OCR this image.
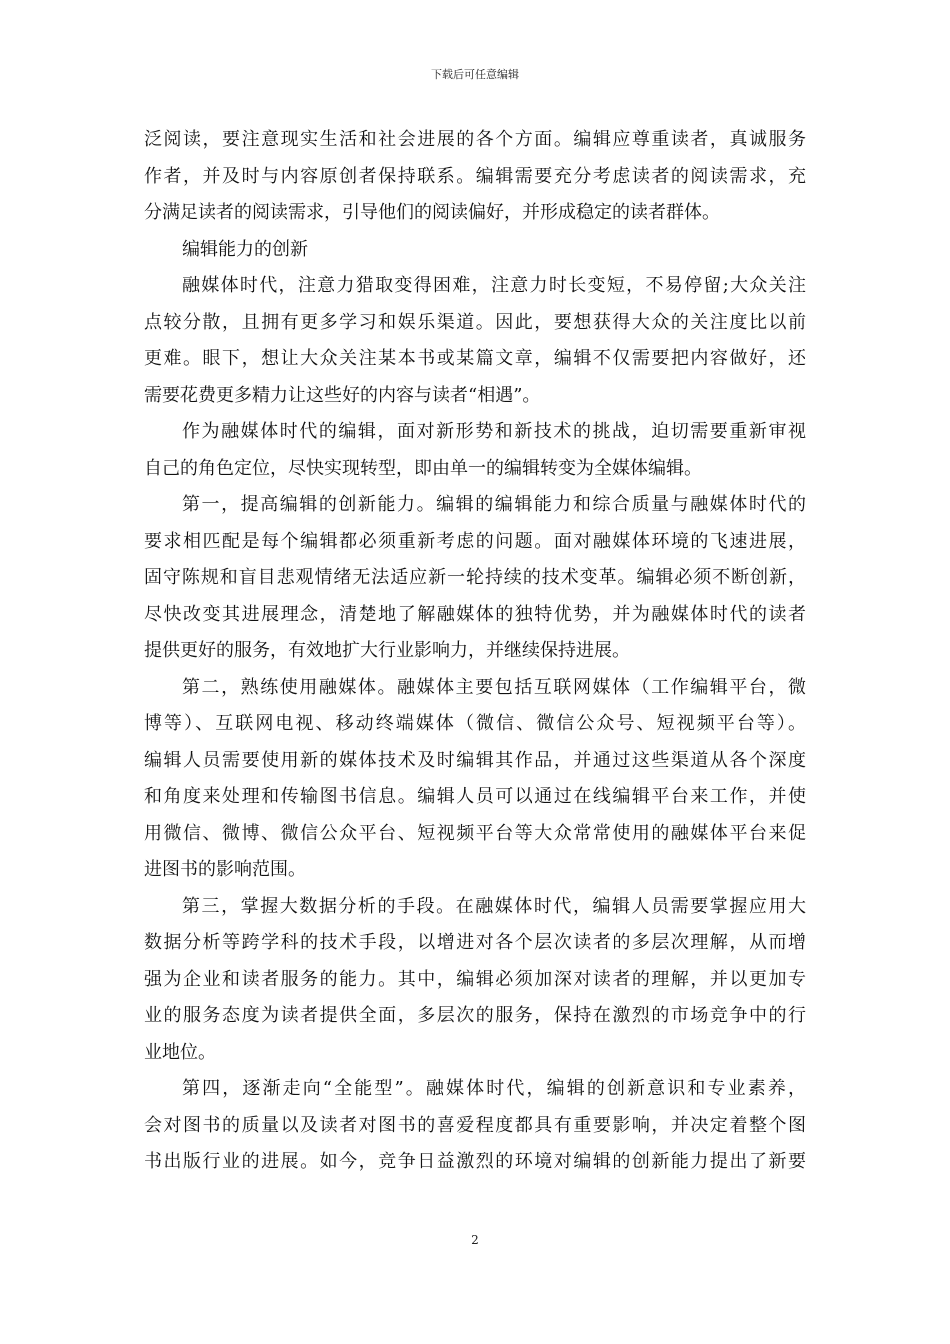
下载后可任意编辑
泛阅读，要注意现实生活和社会进展的各个方面。编辑应尊重读者，真诚服务
作者，并及时与内容原创者保持联系。编辑需要充分考虑读者的阅读需求，充
分满足读者的阅读需求，引导他们的阅读偏好，并形成稳定的读者群体。
编辑能力的创新
融媒体时代，注意力猎取变得困难，注意力时长变短，不易停留;大众关注
点较分散，且拥有更多学习和娱乐渠道。因此，要想获得大众的关注度比以前
更难。眼下，想让大众关注某本书或某篇文章，编辑不仅需要把内容做好，还
需要花费更多精力让这些好的内容与读者“相遇”。
作为融媒体时代的编辑，面对新形势和新技术的挑战，迫切需要重新审视
自己的角色定位，尽快实现转型，即由单一的编辑转变为全媒体编辑。
第一，提高编辑的创新能力。编辑的编辑能力和综合质量与融媒体时代的
要求相匹配是每个编辑都必须重新考虑的问题。面对融媒体环境的飞速进展，
固守陈规和盲目悲观情绪无法适应新一轮持续的技术变革。编辑必须不断创新，
尽快改变其进展理念，清楚地了解融媒体的独特优势，并为融媒体时代的读者
提供更好的服务，有效地扩大行业影响力，并继续保持进展。
第二，熟练使用融媒体。融媒体主要包括互联网媒体（工作编辑平台，微
博等）、互联网电视、移动终端媒体（微信、微信公众号、短视频平台等）。
编辑人员需要使用新的媒体技术及时编辑其作品，并通过这些渠道从各个深度
和角度来处理和传输图书信息。编辑人员可以通过在线编辑平台来工作，并使
用微信、微博、微信公众平台、短视频平台等大众常常使用的融媒体平台来促
进图书的影响范围。
第三，掌握大数据分析的手段。在融媒体时代，编辑人员需要掌握应用大
数据分析等跨学科的技术手段，以增进对各个层次读者的多层次理解，从而增
强为企业和读者服务的能力。其中，编辑必须加深对读者的理解，并以更加专
业的服务态度为读者提供全面，多层次的服务，保持在激烈的市场竞争中的行
业地位。
第四，逐渐走向“全能型”。融媒体时代，编辑的创新意识和专业素养，
会对图书的质量以及读者对图书的喜爱程度都具有重要影响，并决定着整个图
书出版行业的进展。如今，竞争日益激烈的环境对编辑的创新能力提出了新要
2
